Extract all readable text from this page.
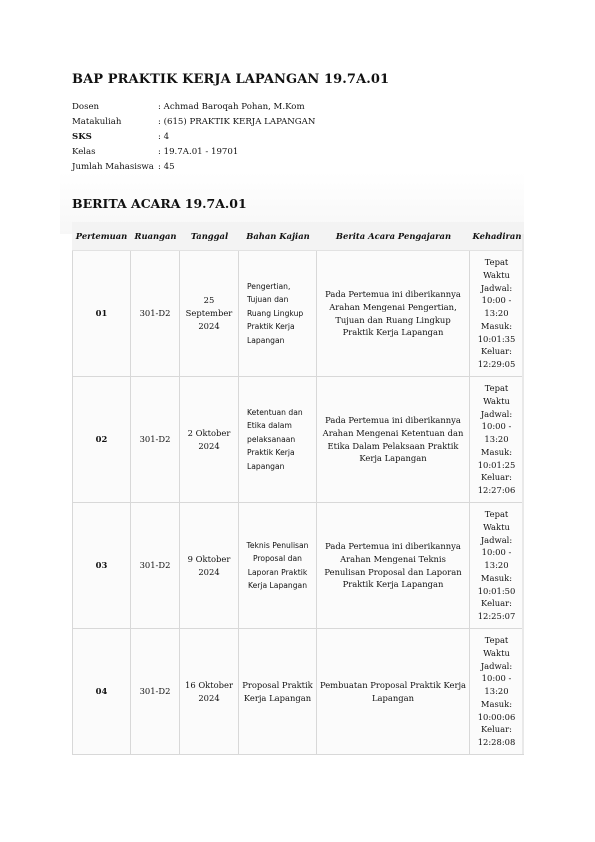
BAP PRAKTIK KERJA LAPANGAN 19.7A.01
Dosen	: Achmad Baroqah Pohan, M.Kom
Matakuliah	: (615) PRAKTIK KERJA LAPANGAN
SKS	: 4
Kelas	: 19.7A.01 - 19701
Jumlah Mahasiswa : 45
BERITA ACARA 19.7A.01
Pertemuan	Ruangan	Tanggal	Bahan Kajian	Berita Acara Pengajaran	Kehadiran
01	301-D2	25 September 2024	Pengertian, Tujuan dan Ruang Lingkup Praktik Kerja Lapangan	Pada Pertemua ini diberikannya Arahan Mengenai Pengertian, Tujuan dan Ruang Lingkup Praktik Kerja Lapangan	Tepat Waktu Jadwal: 10:00 - 13:20 Masuk: 10:01:35 Keluar: 12:29:05
02	301-D2	2 Oktober 2024	Ketentuan dan Etika dalam pelaksanaan Praktik Kerja Lapangan	Pada Pertemua ini diberikannya Arahan Mengenai Ketentuan dan Etika Dalam Pelaksaan Praktik Kerja Lapangan	Tepat Waktu Jadwal: 10:00 - 13:20 Masuk: 10:01:25 Keluar: 12:27:06
03	301-D2	9 Oktober 2024	Teknis Penulisan Proposal dan Laporan Praktik Kerja Lapangan	Pada Pertemua ini diberikannya Arahan Mengenai Teknis Penulisan Proposal dan Laporan Praktik Kerja Lapangan	Tepat Waktu Jadwal: 10:00 - 13:20 Masuk: 10:01:50 Keluar: 12:25:07
04	301-D2	16 Oktober 2024	Proposal Praktik Kerja Lapangan	Pembuatan Proposal Praktik Kerja Lapangan	Tepat Waktu Jadwal: 10:00 - 13:20 Masuk: 10:00:06 Keluar: 12:28:08
